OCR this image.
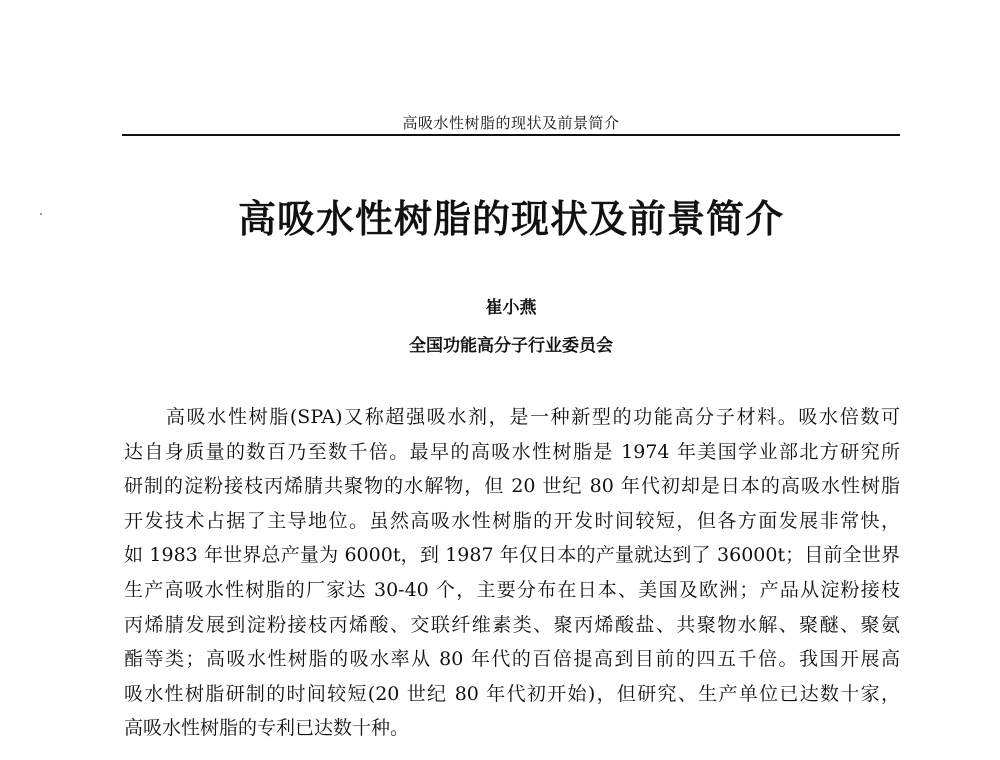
高吸水性树脂的现状及前景简介
高吸水性树脂的现状及前景简介
崔小燕
全国功能高分子行业委员会
高吸水性树脂(SPA)又称超强吸水剂，是一种新型的功能高分子材料。吸水倍数可
达自身质量的数百乃至数千倍。最早的高吸水性树脂是 1974 年美国学业部北方研究所
研制的淀粉接枝丙烯腈共聚物的水解物，但 20 世纪 80 年代初却是日本的高吸水性树脂
开发技术占据了主导地位。虽然高吸水性树脂的开发时间较短，但各方面发展非常快，
如 1983 年世界总产量为 6000t，到 1987 年仅日本的产量就达到了 36000t；目前全世界
生产高吸水性树脂的厂家达 30-40 个，主要分布在日本、美国及欧洲；产品从淀粉接枝
丙烯腈发展到淀粉接枝丙烯酸、交联纤维素类、聚丙烯酸盐、共聚物水解、聚醚、聚氨
酯等类；高吸水性树脂的吸水率从 80 年代的百倍提高到目前的四五千倍。我国开展高
吸水性树脂研制的时间较短(20 世纪 80 年代初开始)，但研究、生产单位已达数十家，
高吸水性树脂的专利已达数十种。
